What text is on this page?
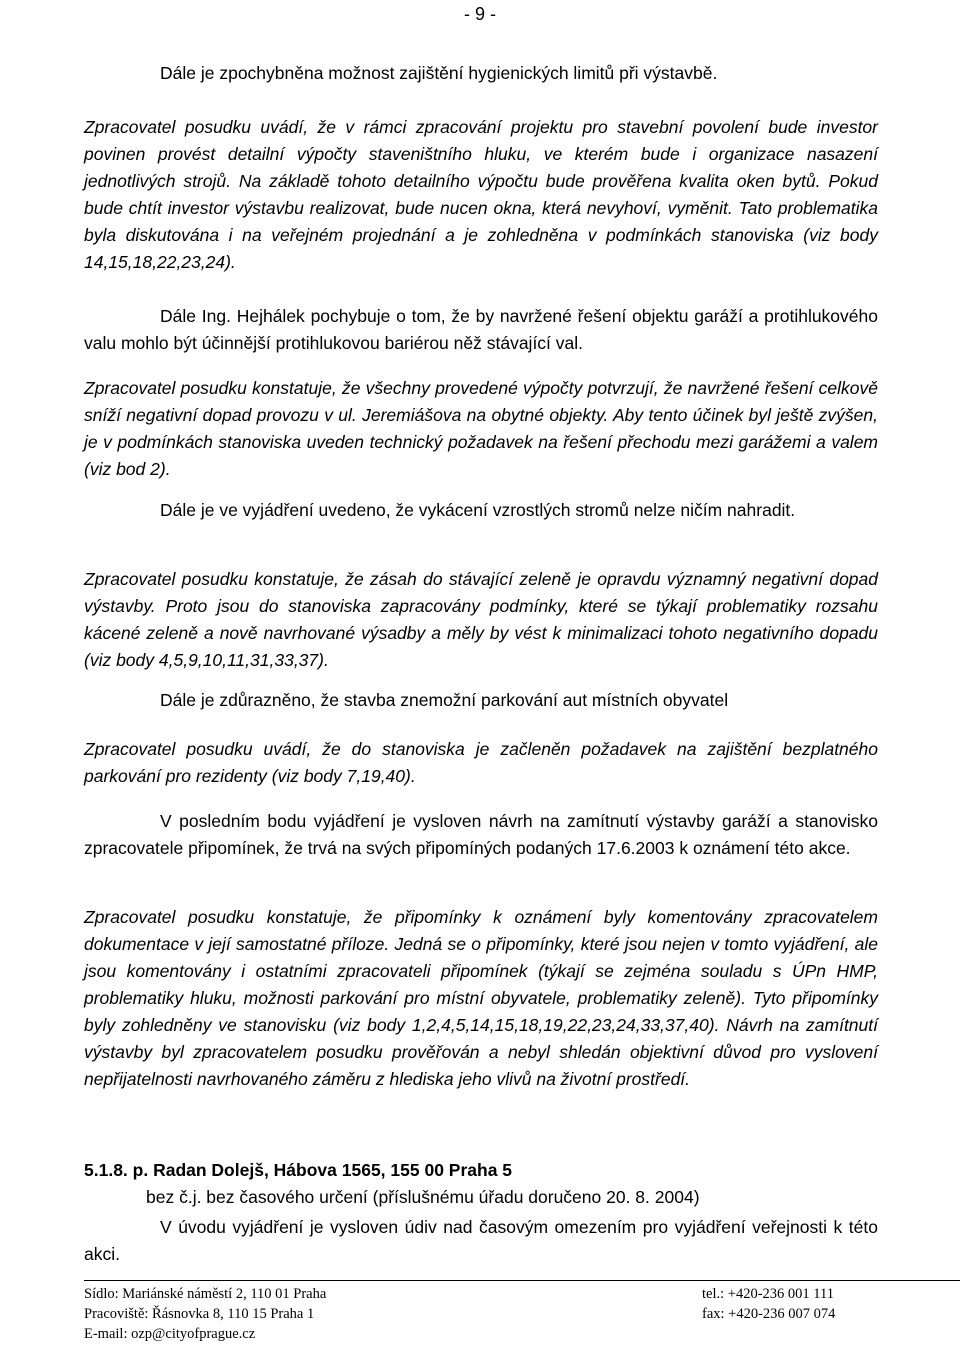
- 9 -
Dále je zpochybněna možnost zajištění hygienických limitů při výstavbě.
Zpracovatel posudku uvádí, že v rámci zpracování projektu pro stavební povolení bude investor povinen provést detailní výpočty staveništního hluku, ve kterém bude i organizace nasazení jednotlivých strojů. Na základě tohoto detailního výpočtu bude prověřena kvalita oken bytů. Pokud bude chtít investor výstavbu realizovat, bude nucen okna, která nevyhoví, vyměnit. Tato problematika byla diskutována i na veřejném projednání a je zohledněna v podmínkách stanoviska (viz body 14,15,18,22,23,24).
Dále Ing. Hejhálek pochybuje o tom, že by navržené řešení objektu garáží a protihlukového valu mohlo být účinnější protihlukovou bariérou něž stávající val.
Zpracovatel posudku konstatuje, že všechny provedené výpočty potvrzují, že navržené řešení celkově sníží negativní dopad provozu v ul. Jeremiášova na obytné objekty. Aby tento účinek byl ještě zvýšen, je v podmínkách stanoviska uveden technický požadavek na řešení přechodu mezi garážemi a valem (viz bod 2).
Dále je ve vyjádření uvedeno, že vykácení vzrostlých stromů nelze ničím nahradit.
Zpracovatel posudku konstatuje, že zásah do stávající zeleně je opravdu významný negativní dopad výstavby. Proto jsou do stanoviska zapracovány podmínky, které se týkají problematiky rozsahu kácené zeleně a nově navrhované výsadby a měly by vést k minimalizaci tohoto negativního dopadu (viz body 4,5,9,10,11,31,33,37).
Dále je zdůrazněno, že stavba znemožní parkování aut místních obyvatel
Zpracovatel posudku uvádí, že do stanoviska je začleněn požadavek na zajištění bezplatného parkování pro rezidenty (viz body 7,19,40).
V posledním bodu vyjádření je vysloven návrh na zamítnutí výstavby garáží a stanovisko zpracovatele připomínek, že trvá na svých připomíných podaných 17.6.2003 k oznámení této akce.
Zpracovatel posudku konstatuje, že připomínky k oznámení byly komentovány zpracovatelem dokumentace v její samostatné příloze. Jedná se o připomínky, které jsou nejen v tomto vyjádření, ale jsou komentovány i ostatními zpracovateli připomínek (týkají se zejména souladu s ÚPn HMP, problematiky hluku, možnosti parkování pro místní obyvatele, problematiky zeleně). Tyto připomínky byly zohledněny ve stanovisku (viz body 1,2,4,5,14,15,18,19,22,23,24,33,37,40). Návrh na zamítnutí výstavby byl zpracovatelem posudku prověřován a nebyl shledán objektivní důvod pro vyslovení nepřijatelnosti navrhovaného záměru z hlediska jeho vlivů na životní prostředí.
5.1.8. p. Radan Dolejš, Hábova 1565, 155 00 Praha 5
bez č.j. bez časového určení (příslušnému úřadu doručeno 20. 8. 2004)
V úvodu vyjádření je vysloven údiv nad časovým omezením pro vyjádření veřejnosti k této akci.
Sídlo: Mariánské náměstí 2, 110 01 Praha
Pracoviště: Řásnovka 8, 110 15 Praha 1
E-mail: ozp@cityofprague.cz
tel.: +420-236 001 111
fax: +420-236 007 074
